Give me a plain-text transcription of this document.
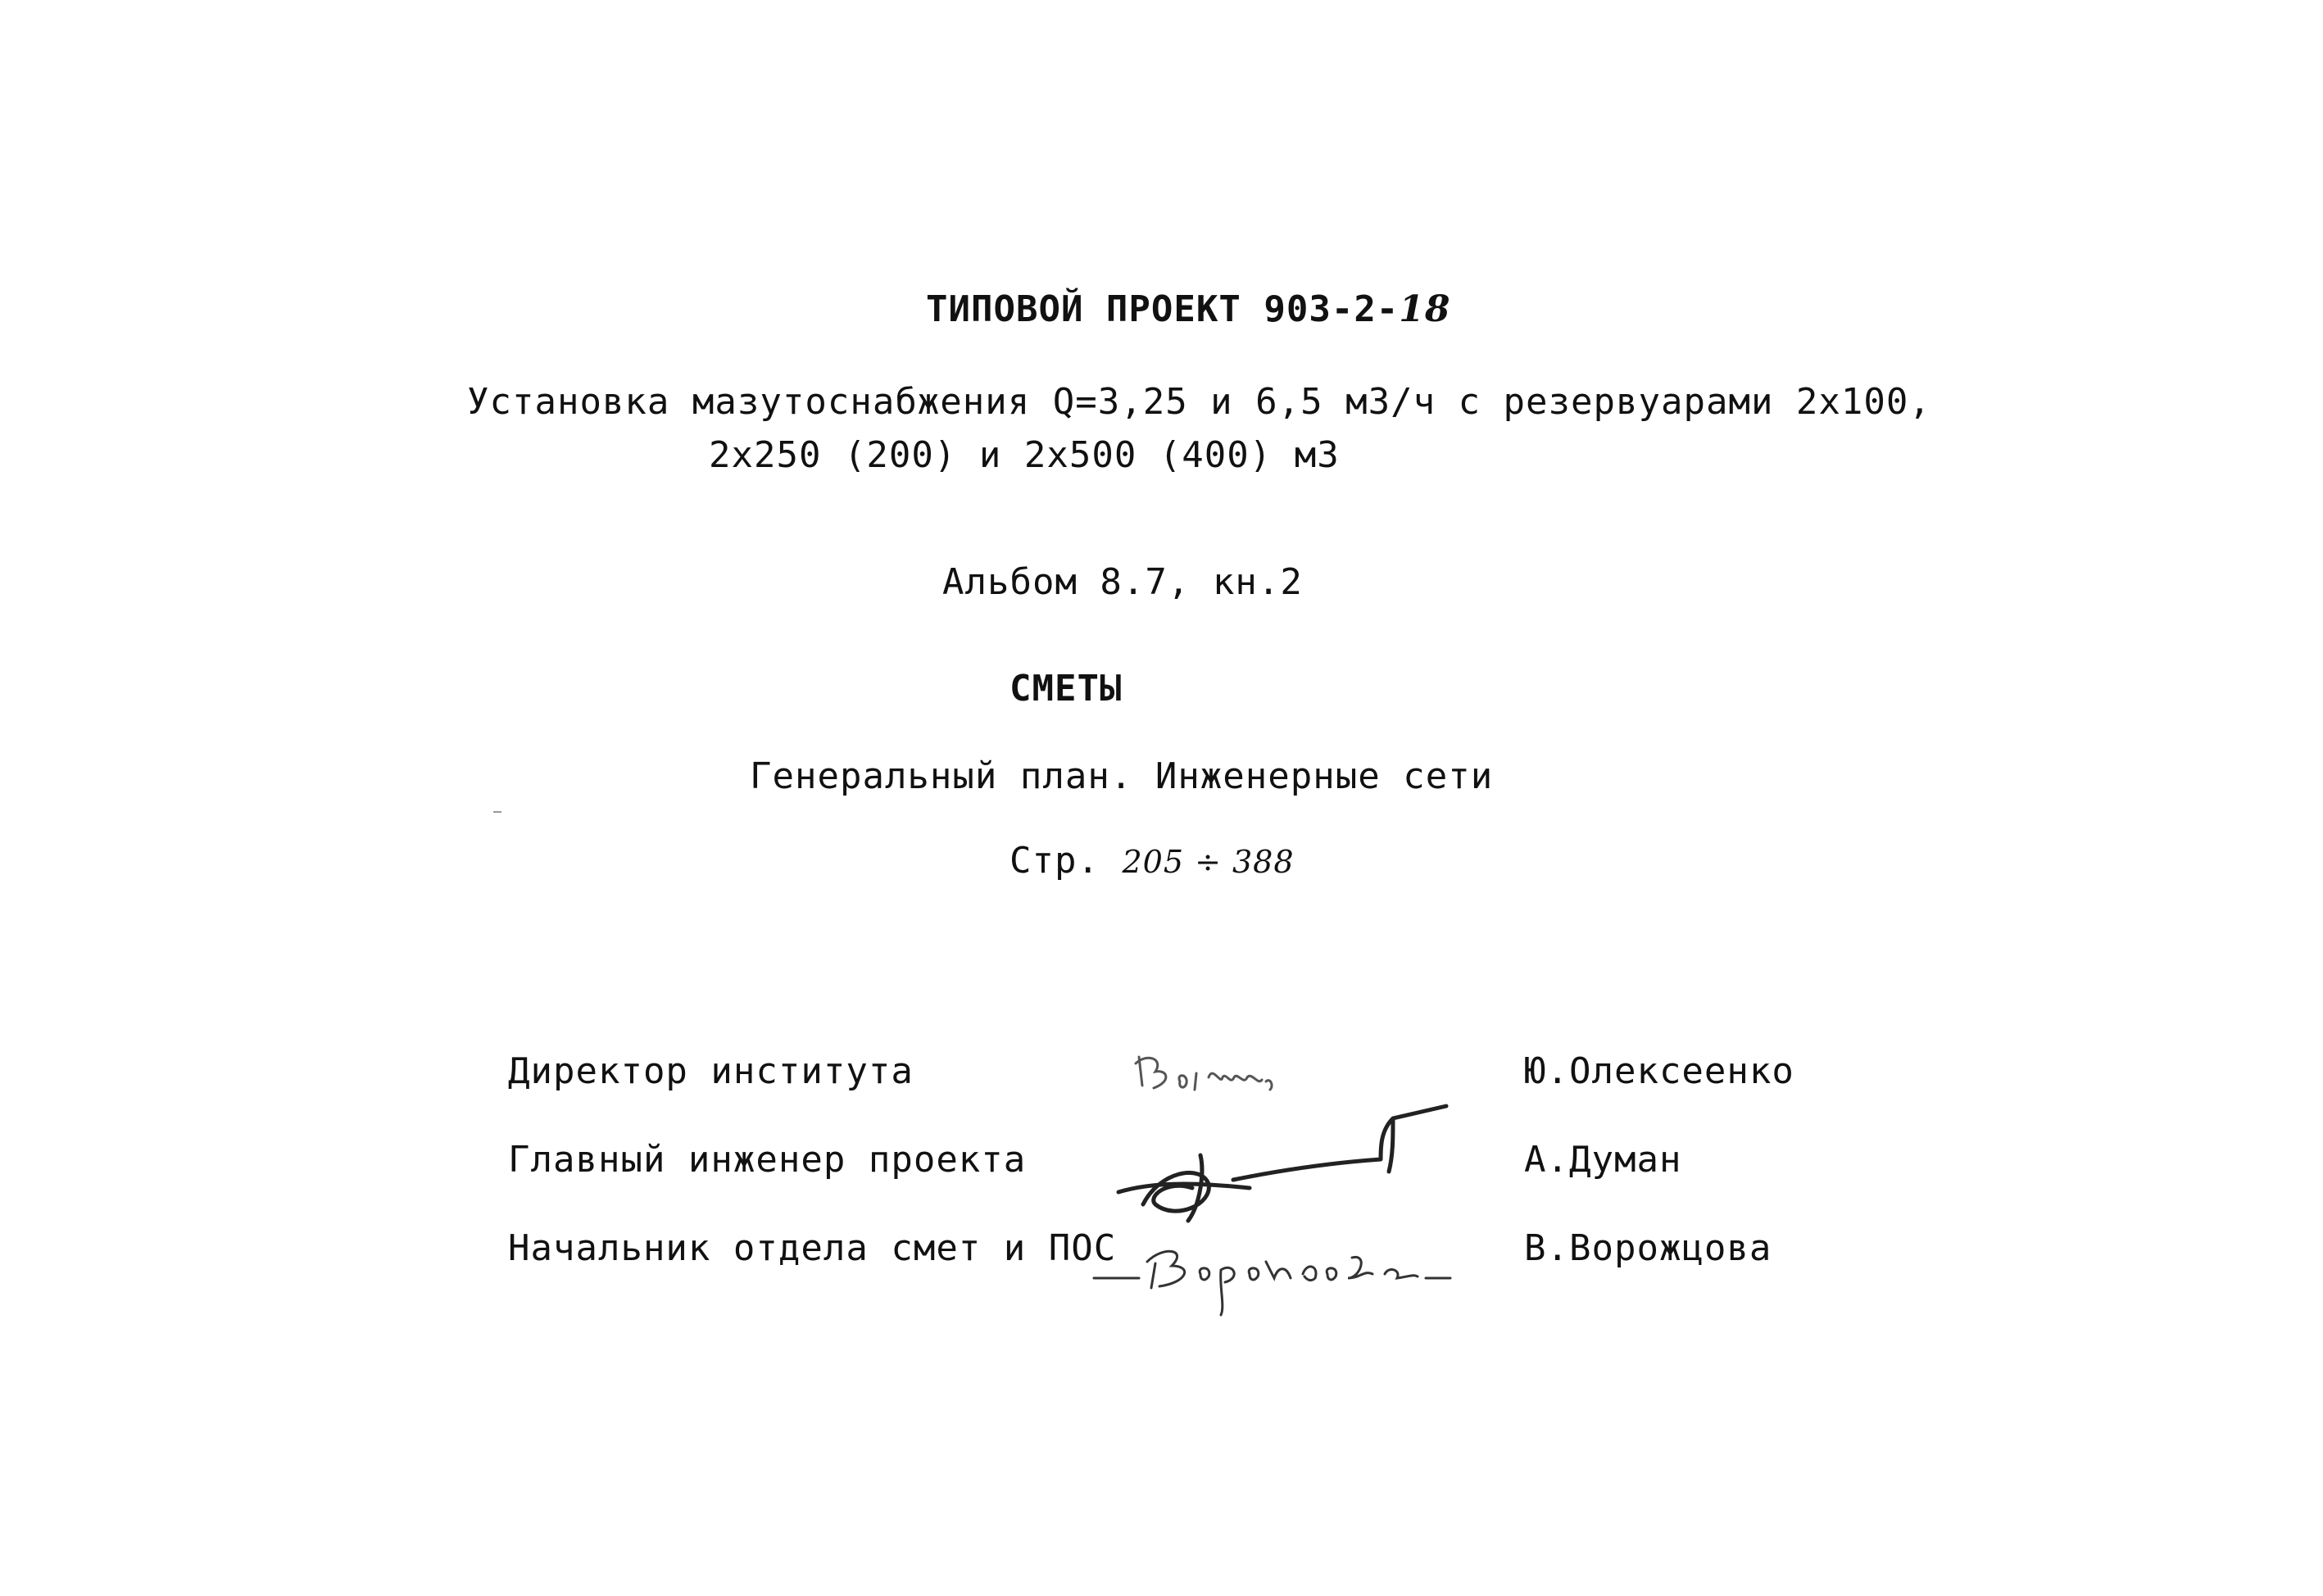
ТИПОВОЙ ПРОЕКТ 903-2-18
Установка мазутоснабжения Q=3,25 и 6,5 м3/ч с резервуарами 2х100,
2х250 (200) и 2х500 (400) м3
Альбом 8.7, кн.2
СМЕТЫ
Генеральный план. Инженерные сети
Стр. 205 ÷ 388
Директор института	Ю.Олексеенко
Главный инженер проекта	А.Думан
Начальник отдела смет и ПОС	В.Ворожцова
